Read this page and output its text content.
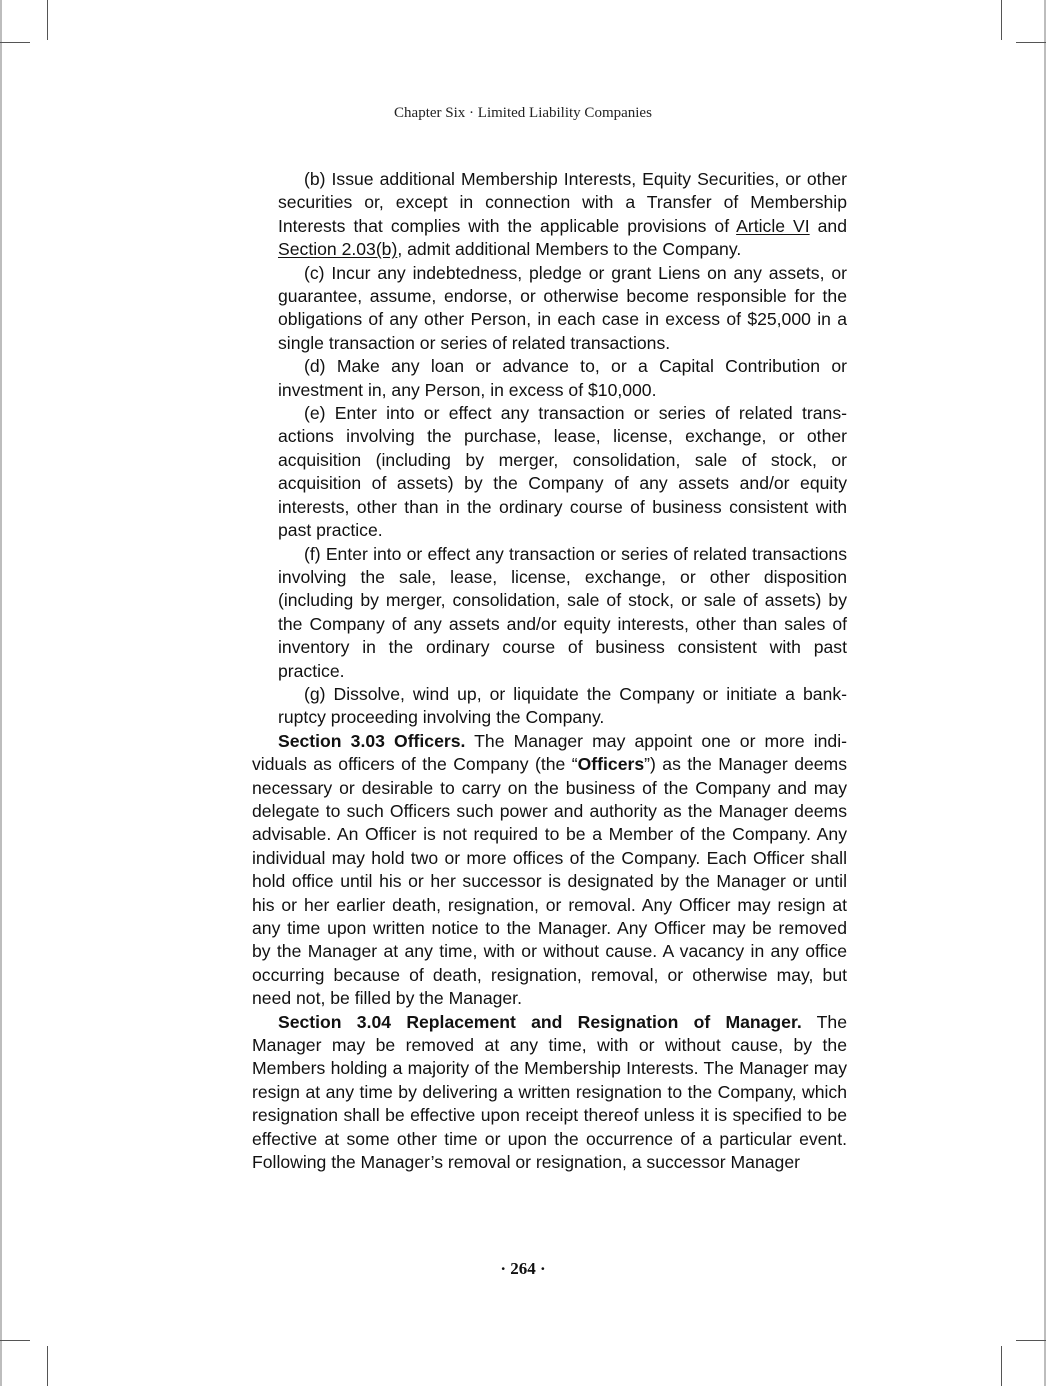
Chapter Six · Limited Liability Companies

(b) Issue additional Membership Interests, Equity Securities, or other securities or, except in connection with a Transfer of Membership Interests that complies with the applicable provisions of Article VI and Section 2.03(b), admit additional Members to the Company.

(c) Incur any indebtedness, pledge or grant Liens on any assets, or guarantee, assume, endorse, or otherwise become responsible for the obligations of any other Person, in each case in excess of $25,000 in a single transaction or series of related transactions.

(d) Make any loan or advance to, or a Capital Contribution or investment in, any Person, in excess of $10,000.

(e) Enter into or effect any transaction or series of related transactions involving the purchase, lease, license, exchange, or other acquisition (including by merger, consolidation, sale of stock, or acquisition of assets) by the Company of any assets and/or equity interests, other than in the ordinary course of business consistent with past practice.

(f) Enter into or effect any transaction or series of related transactions involving the sale, lease, license, exchange, or other disposition (including by merger, consolidation, sale of stock, or sale of assets) by the Company of any assets and/or equity interests, other than sales of inventory in the ordinary course of business consistent with past practice.

(g) Dissolve, wind up, or liquidate the Company or initiate a bankruptcy proceeding involving the Company.

Section 3.03 Officers. The Manager may appoint one or more individuals as officers of the Company (the “Officers”) as the Manager deems necessary or desirable to carry on the business of the Company and may delegate to such Officers such power and authority as the Manager deems advisable. An Officer is not required to be a Member of the Company. Any individual may hold two or more offices of the Company. Each Officer shall hold office until his or her successor is designated by the Manager or until his or her earlier death, resignation, or removal. Any Officer may resign at any time upon written notice to the Manager. Any Officer may be removed by the Manager at any time, with or without cause. A vacancy in any office occurring because of death, resignation, removal, or otherwise may, but need not, be filled by the Manager.

Section 3.04 Replacement and Resignation of Manager. The Manager may be removed at any time, with or without cause, by the Members holding a majority of the Membership Interests. The Manager may resign at any time by delivering a written resignation to the Company, which resignation shall be effective upon receipt thereof unless it is specified to be effective at some other time or upon the occurrence of a particular event. Following the Manager’s removal or resignation, a successor Manager

· 264 ·
